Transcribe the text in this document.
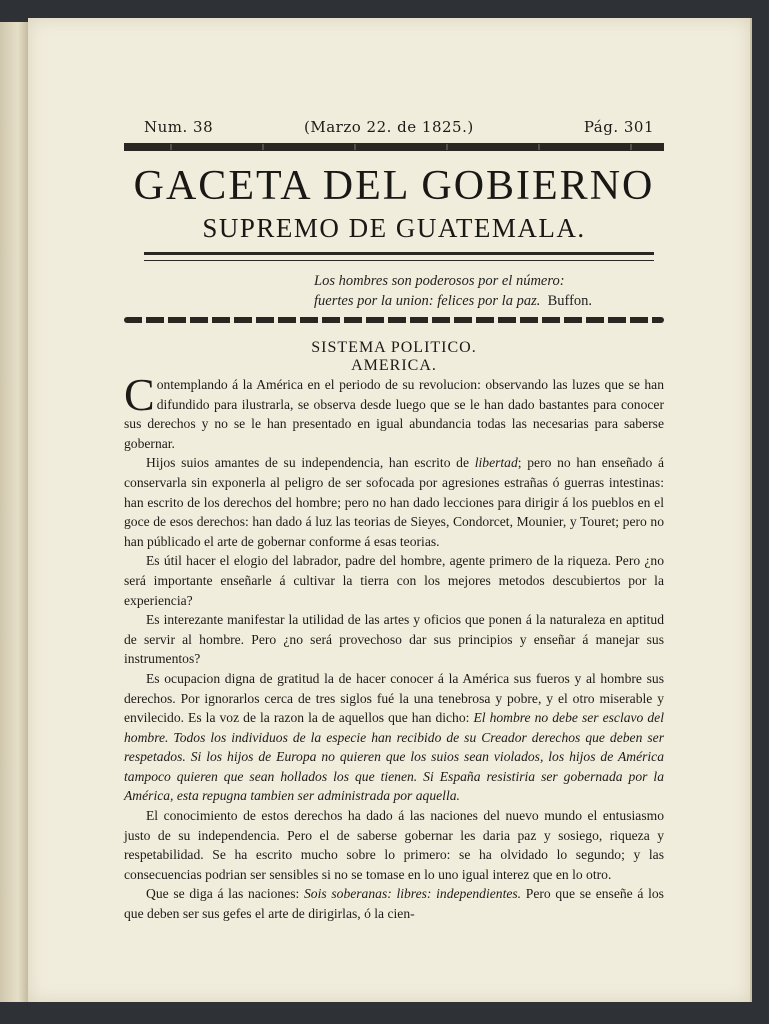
Num. 38	(Marzo 22. de 1825.)	Pág. 301
GACETA DEL GOBIERNO
SUPREMO DE GUATEMALA.
Los hombres son poderosos por el número:
fuertes por la union: felices por la paz. Buffon.
SISTEMA POLITICO.
AMERICA.

Contemplando á la América en el periodo de su revolucion: observando las luzes que se han difundido para ilustrarla, se observa desde luego que se le han dado bastantes para conocer sus derechos y no se le han presentado en igual abundancia todas las necesarias para saberse gobernar.

Hijos suios amantes de su independencia, han escrito de libertad; pero no han enseñado á conservarla sin exponerla al peligro de ser sofocada por agresiones estrañas ó guerras intestinas: han escrito de los derechos del hombre; pero no han dado lecciones para dirigir á los pueblos en el goce de esos derechos: han dado á luz las teorias de Sieyes, Condorcet, Mounier, y Touret; pero no han públicado el arte de gobernar conforme á esas teorias.

Es útil hacer el elogio del labrador, padre del hombre, agente primero de la riqueza. Pero ¿no será importante enseñarle á cultivar la tierra con los mejores metodos descubiertos por la experiencia?

Es interezante manifestar la utilidad de las artes y oficios que ponen á la naturaleza en aptitud de servir al hombre. Pero ¿no será provechoso dar sus principios y enseñar á manejar sus instrumentos?

Es ocupacion digna de gratitud la de hacer conocer á la América sus fueros y al hombre sus derechos. Por ignorarlos cerca de tres siglos fué la una tenebrosa y pobre, y el otro miserable y envilecido. Es la voz de la razon la de aquellos que han dicho: El hombre no debe ser esclavo del hombre. Todos los individuos de la especie han recibido de su Creador derechos que deben ser respetados. Si los hijos de Europa no quieren que los suios sean violados, los hijos de América tampoco quieren que sean hollados los que tienen. Si España resistiria ser gobernada por la América, esta repugna tambien ser administrada por aquella.

El conocimiento de estos derechos ha dado á las naciones del nuevo mundo el entusiasmo justo de su independencia. Pero el de saberse gobernar les daria paz y sosiego, riqueza y respetabilidad. Se ha escrito mucho sobre lo primero: se ha olvidado lo segundo; y las consecuencias podrian ser sensibles si no se tomase en lo uno igual interez que en lo otro.

Que se diga á las naciones: Sois soberanas: libres: independientes. Pero que se enseñe á los que deben ser sus gefes el arte de dirigirlas, ó la cien-
